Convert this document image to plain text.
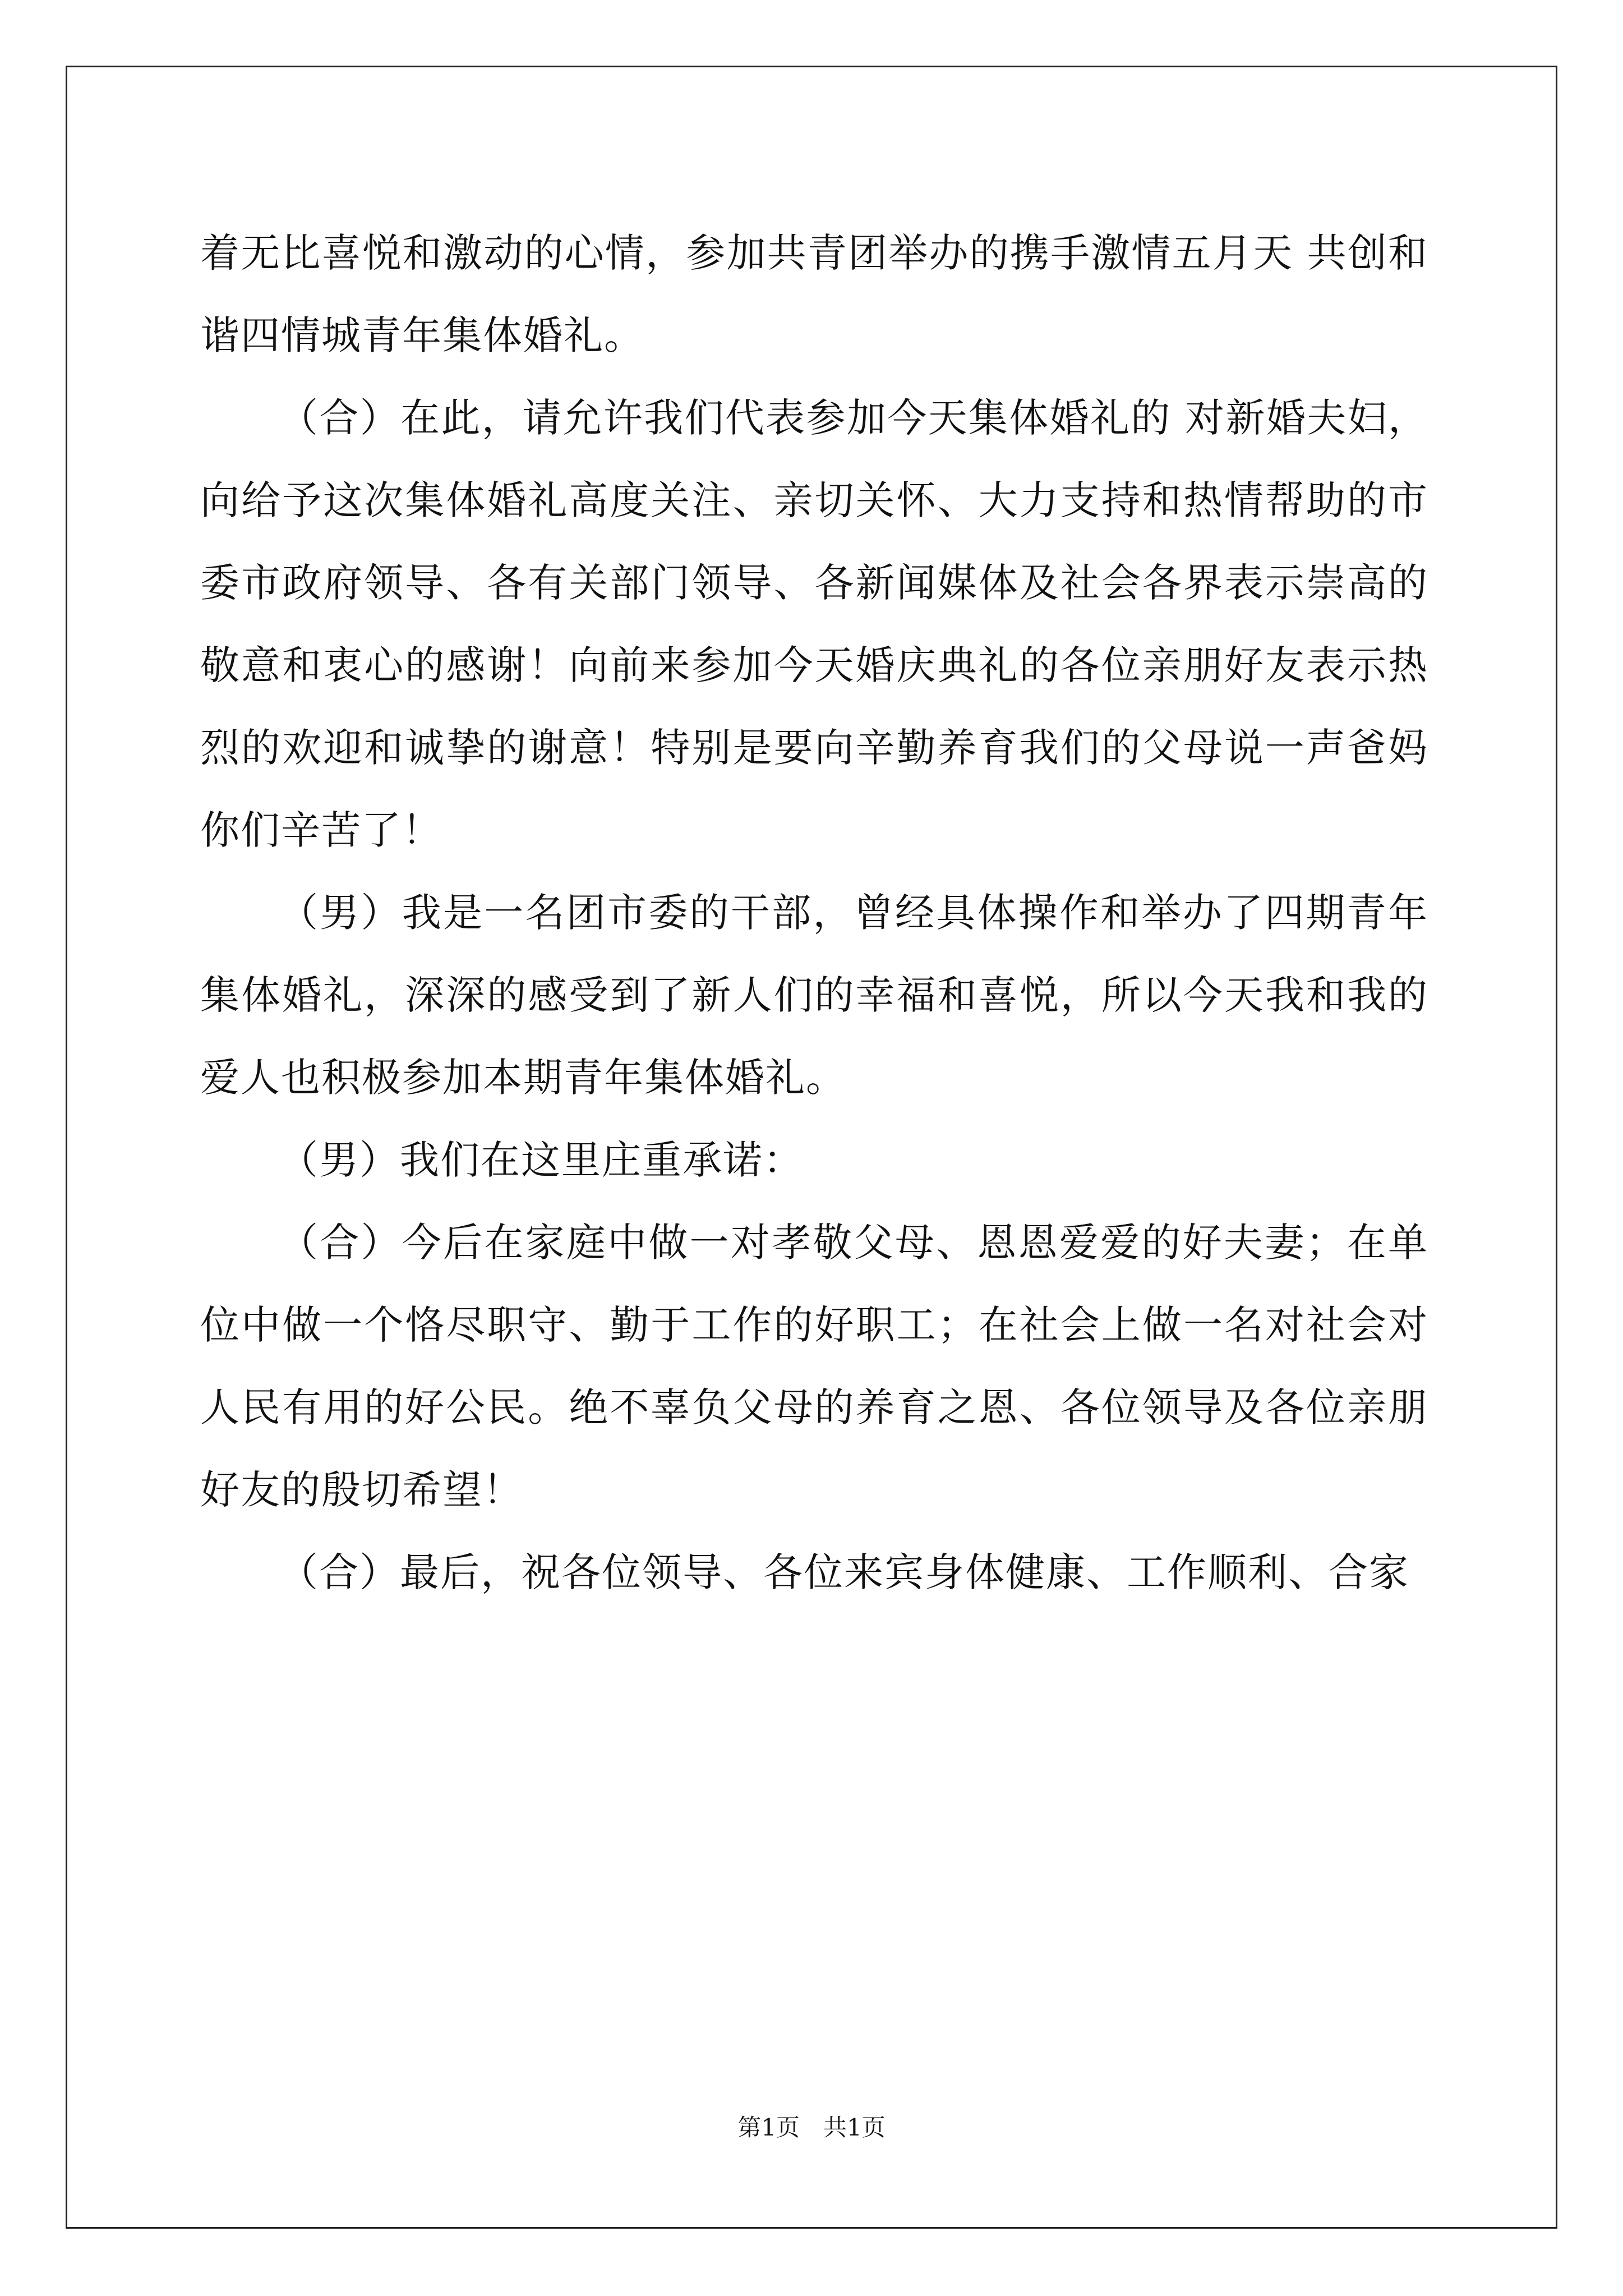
着无比喜悦和激动的心情，参加共青团举办的携手激情五月天 共创和谐四情城青年集体婚礼。

（合）在此，请允许我们代表参加今天集体婚礼的 对新婚夫妇，向给予这次集体婚礼高度关注、亲切关怀、大力支持和热情帮助的市委市政府领导、各有关部门领导、各新闻媒体及社会各界表示崇高的敬意和衷心的感谢！向前来参加今天婚庆典礼的各位亲朋好友表示热烈的欢迎和诚挚的谢意！特别是要向辛勤养育我们的父母说一声爸妈你们辛苦了！

（男）我是一名团市委的干部，曾经具体操作和举办了四期青年集体婚礼，深深的感受到了新人们的幸福和喜悦，所以今天我和我的爱人也积极参加本期青年集体婚礼。

（男）我们在这里庄重承诺：

（合）今后在家庭中做一对孝敬父母、恩恩爱爱的好夫妻；在单位中做一个恪尽职守、勤于工作的好职工；在社会上做一名对社会对人民有用的好公民。绝不辜负父母的养育之恩、各位领导及各位亲朋好友的殷切希望！

（合）最后，祝各位领导、各位来宾身体健康、工作顺利、合家

第1页　共1页
